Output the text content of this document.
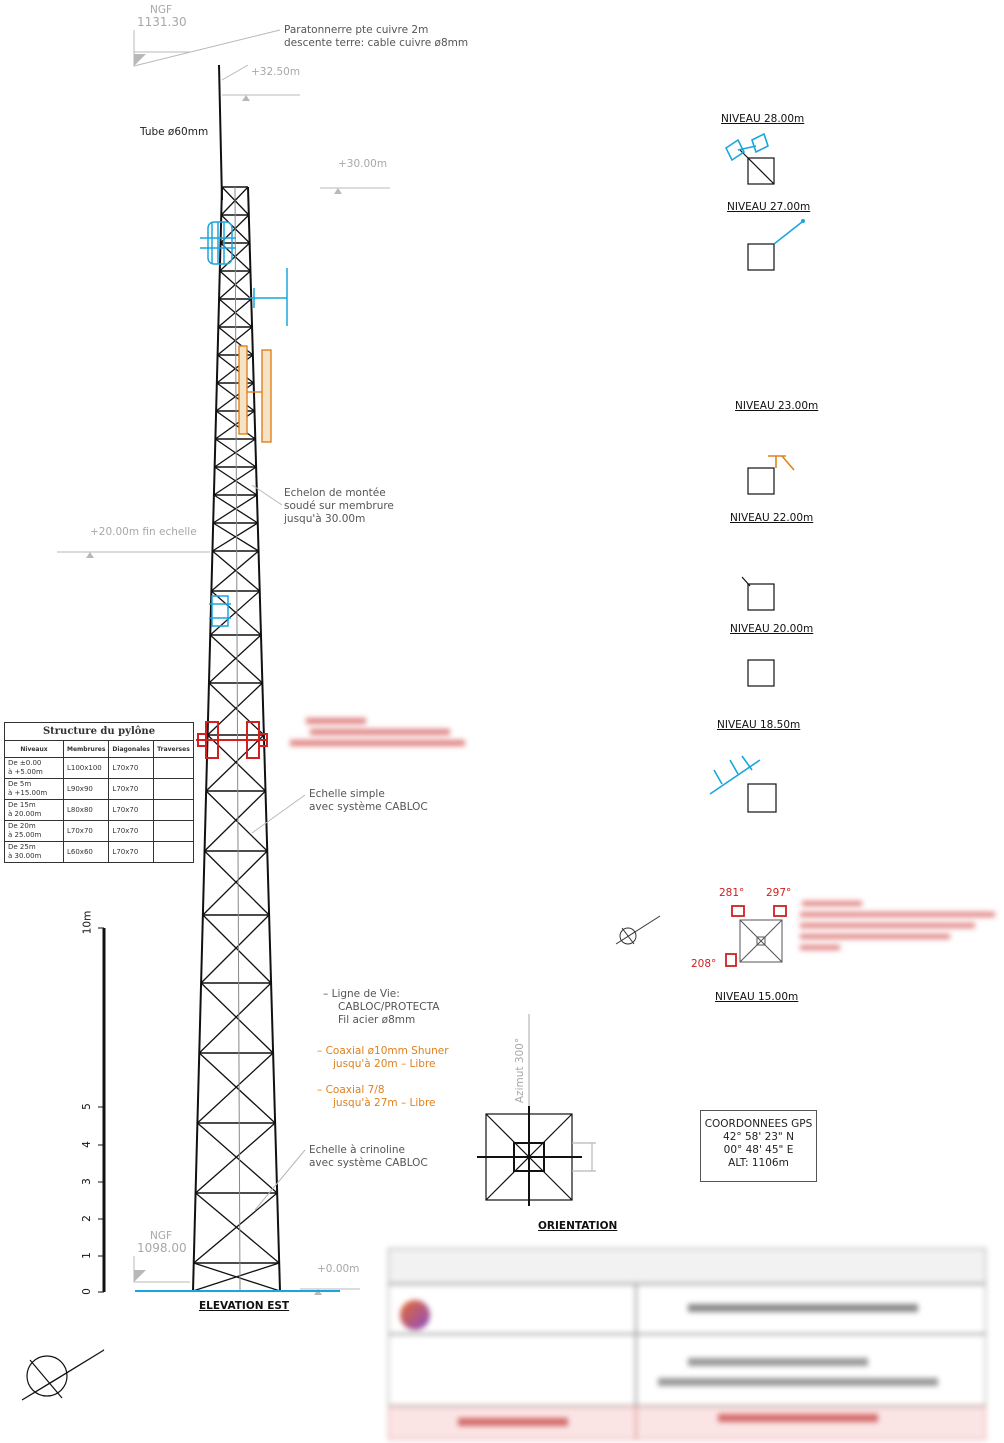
NGF
1131.30
+32.50m
+30.00m
+20.00m fin echelle
NGF
1098.00
+0.00m
ELEVATION EST
Paratonnerre pte cuivre 2m
descente terre: cable cuivre ø8mm
Tube ø60mm
Echelon de montée
soudé sur membrure
jusqu'à 30.00m
Echelle simple
avec système CABLOC
– Ligne de Vie:
CABLOC/PROTECTA
Fil acier ø8mm
– Coaxial ø10mm Shuner
jusqu'à 20m – Libre
– Coaxial 7/8
jusqu'à 27m – Libre
Echelle à crinoline
avec système CABLOC
Structure du pylône
Niveaux	Membrures	Diagonales	Traverses
De ±0.00
à +5.00m	L100x100	L70x70	
De 5m
à +15.00m	L90x90	L70x70	
De 15m
à 20.00m	L80x80	L70x70	
De 20m
à 25.00m	L70x70	L70x70	
De 25m
à 30.00m	L60x60	L70x70	
0
1
2
3
4
5
10m
NIVEAU 28.00m
NIVEAU 27.00m
NIVEAU 23.00m
NIVEAU 22.00m
NIVEAU 20.00m
NIVEAU 18.50m
NIVEAU 15.00m
281° 297°
208°
Azimut 300°
ORIENTATION
COORDONNEES GPS
42° 58' 23" N
00° 48' 45" E
ALT: 1106m
